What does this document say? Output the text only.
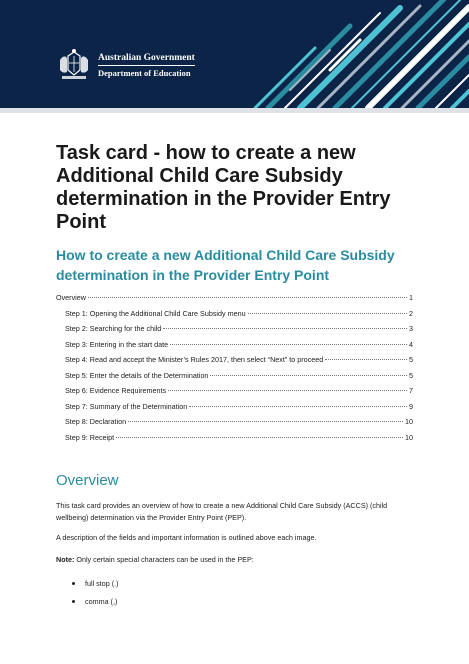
Australian Government
Department of Education
Task card - how to create a new Additional Child Care Subsidy determination in the Provider Entry Point
How to create a new Additional Child Care Subsidy determination in the Provider Entry Point
Overview	1
Step 1: Opening the Additional Child Care Subsidy menu	2
Step 2: Searching for the child	3
Step 3: Entering in the start date	4
Step 4: Read and accept the Minister’s Rules 2017, then select “Next” to proceed	5
Step 5: Enter the details of the Determination	5
Step 6: Evidence Requirements	7
Step 7: Summary of the Determination	9
Step 8: Declaration	10
Step 9: Receipt	10
Overview

This task card provides an overview of how to create a new Additional Child Care Subsidy (ACCS) (child wellbeing) determination via the Provider Entry Point (PEP).

A description of the fields and important information is outlined above each image.

Note: Only certain special characters can be used in the PEP:

full stop (.)
comma (,)
